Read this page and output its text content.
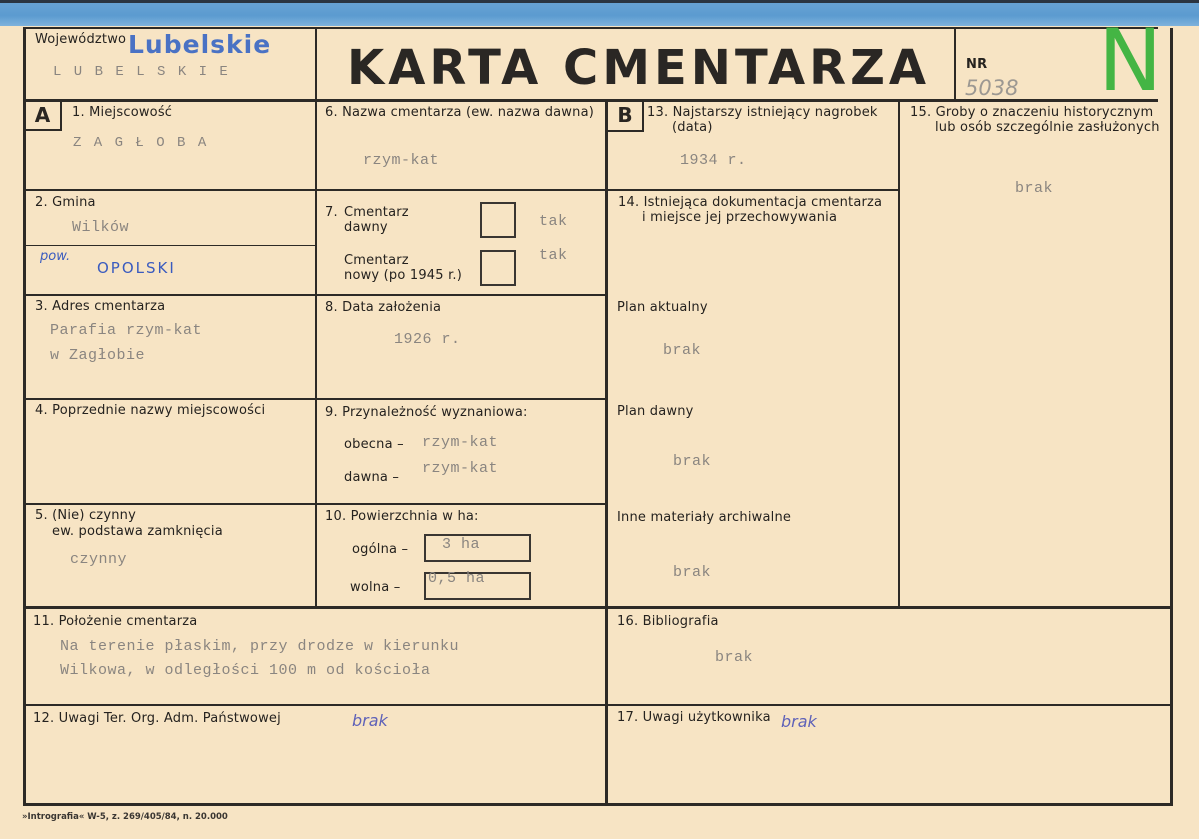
Województwo Lubelskie
L U B E L S K I E KARTA CMENTARZA	NR
5038 N
A	1. Miejscowość
Z A G Ł O B A
2. Gmina
Wilków
pow.
OPOLSKI
3. Adres cmentarza
Parafia rzym-kat
w Zagłobie
4. Poprzednie nazwy miejscowości
5. (Nie) czynny
ew. podstawa zamknięcia
czynny
6. Nazwa cmentarza (ew. nazwa dawna)
rzym-kat
7. Cmentarz
dawny	tak
Cmentarz
nowy (po 1945 r.)
tak
8. Data założenia
1926 r.
9. Przynależność wyznaniowa:
obecna – rzym-kat
dawna –
rzym-kat
10. Powierzchnia w ha:
ogólna – 3 ha
wolna –
0,5 ha
11. Położenie cmentarza
Na terenie płaskim, przy drodze w kierunku
Wilkowa, w odległości 100 m od kościoła
12. Uwagi Ter. Org. Adm. Państwowej	brak
B	13. Najstarszy istniejący nagrobek
(data)
1934 r.
14. Istniejąca dokumentacja cmentarza
i miejsce jej przechowywania
Plan aktualny
brak
Plan dawny
brak
Inne materiały archiwalne
brak
15. Groby o znaczeniu historycznym
lub osób szczególnie zasłużonych
brak
16. Bibliografia
brak
17. Uwagi użytkownika brak
»Intrografia« W-5, z. 269/405/84, n. 20.000
